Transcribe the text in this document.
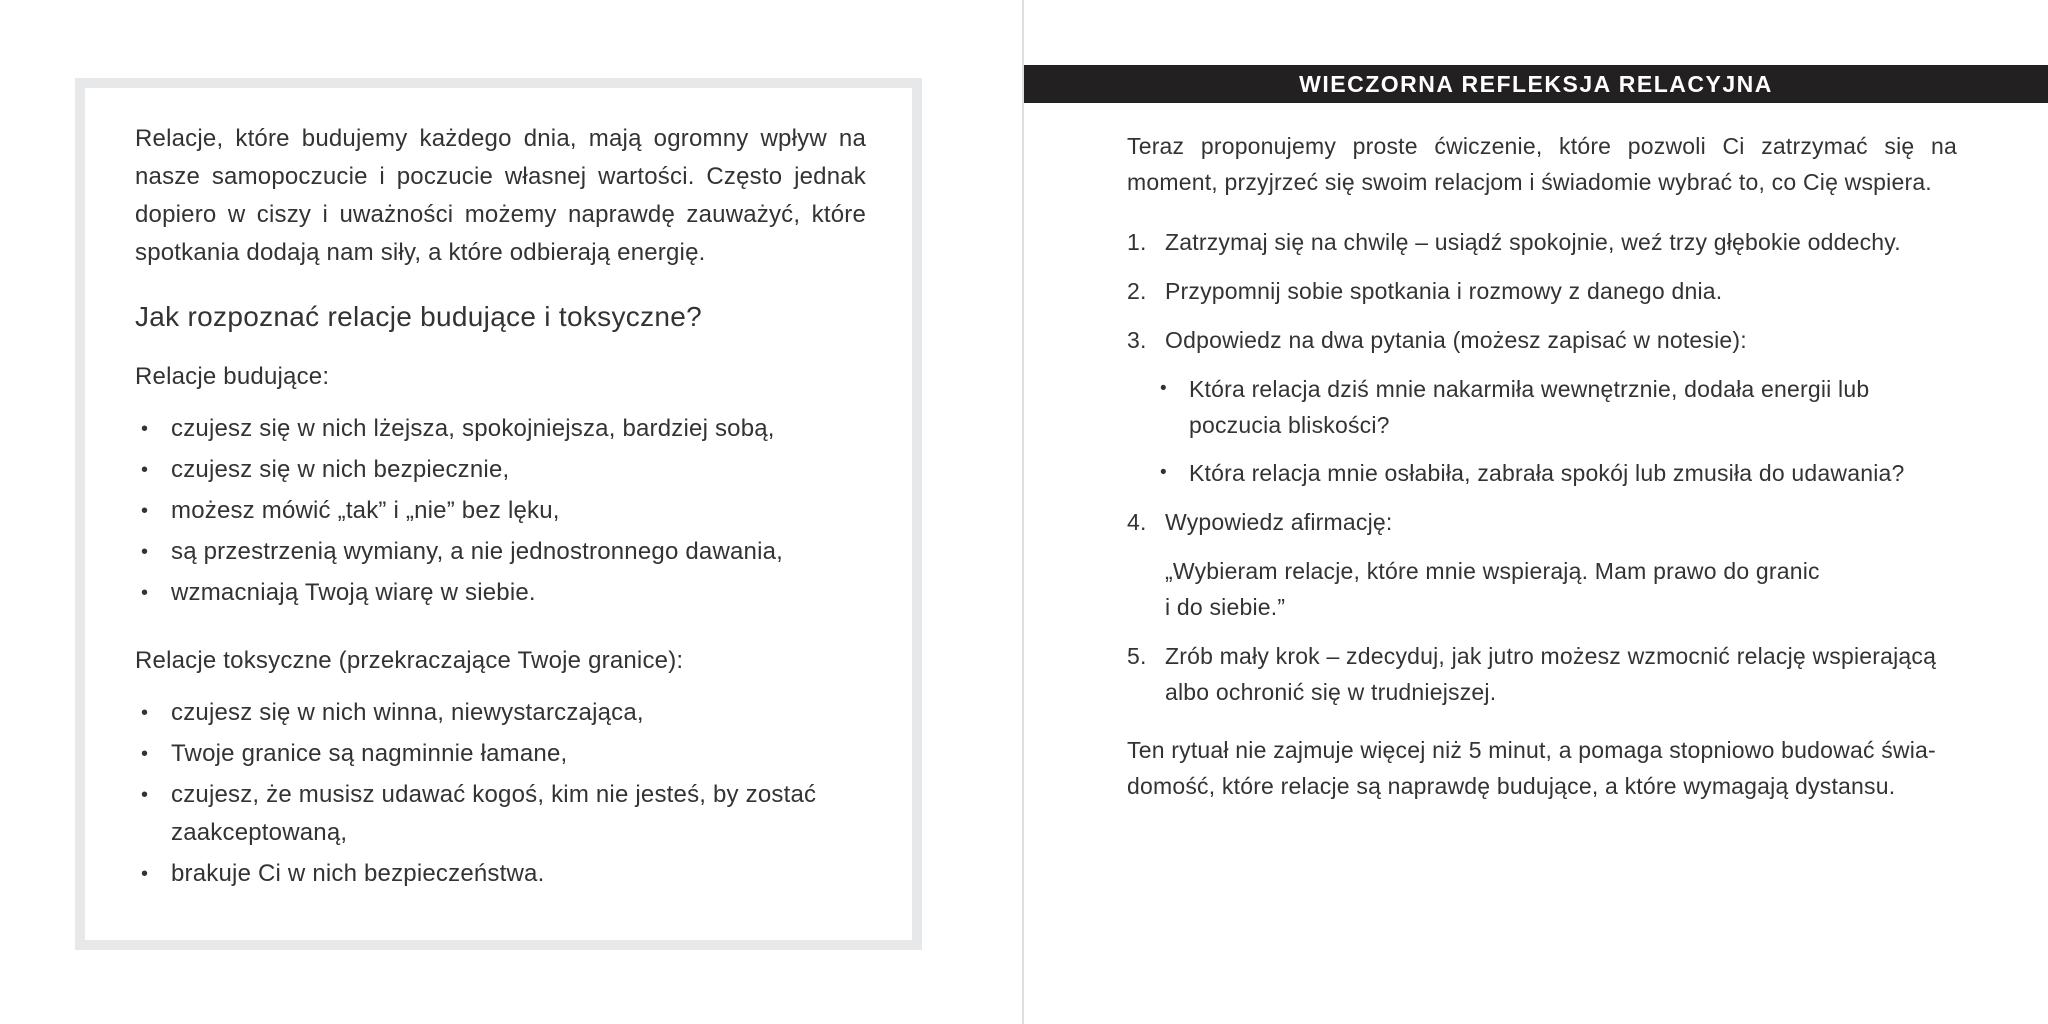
Relacje, które budujemy każdego dnia, mają ogromny wpływ na nasze samopoczucie i poczucie własnej wartości. Często jednak dopiero w ciszy i uważności możemy naprawdę zauważyć, które spotkania dodają nam siły, a które odbierają energię.

Jak rozpoznać relacje budujące i toksyczne?
Relacje budujące:
• czujesz się w nich lżejsza, spokojniejsza, bardziej sobą,
• czujesz się w nich bezpiecznie,
• możesz mówić „tak” i „nie” bez lęku,
• są przestrzenią wymiany, a nie jednostronnego dawania,
• wzmacniają Twoją wiarę w siebie.
Relacje toksyczne (przekraczające Twoje granice):
• czujesz się w nich winna, niewystarczająca,
• Twoje granice są nagminnie łamane,
• czujesz, że musisz udawać kogoś, kim nie jesteś, by zostać zaakceptowaną,
• brakuje Ci w nich bezpieczeństwa.
WIECZORNA REFLEKSJA RELACYJNA

Teraz proponujemy proste ćwiczenie, które pozwoli Ci zatrzymać się na moment, przyjrzeć się swoim relacjom i świadomie wybrać to, co Cię wspiera.

1. Zatrzymaj się na chwilę – usiądź spokojnie, weź trzy głębokie oddechy.
2. Przypomnij sobie spotkania i rozmowy z danego dnia.
3. Odpowiedz na dwa pytania (możesz zapisać w notesie):
• Która relacja dziś mnie nakarmiła wewnętrznie, dodała energii lub poczucia bliskości?
• Która relacja mnie osłabiła, zabrała spokój lub zmusiła do udawania?
4. Wypowiedz afirmację:
„Wybieram relacje, które mnie wspierają. Mam prawo do granic
i do siebie.”
5. Zrób mały krok – zdecyduj, jak jutro możesz wzmocnić relację wspierającą albo ochronić się w trudniejszej.
Ten rytuał nie zajmuje więcej niż 5 minut, a pomaga stopniowo budować świa-
domość, które relacje są naprawdę budujące, a które wymagają dystansu.
